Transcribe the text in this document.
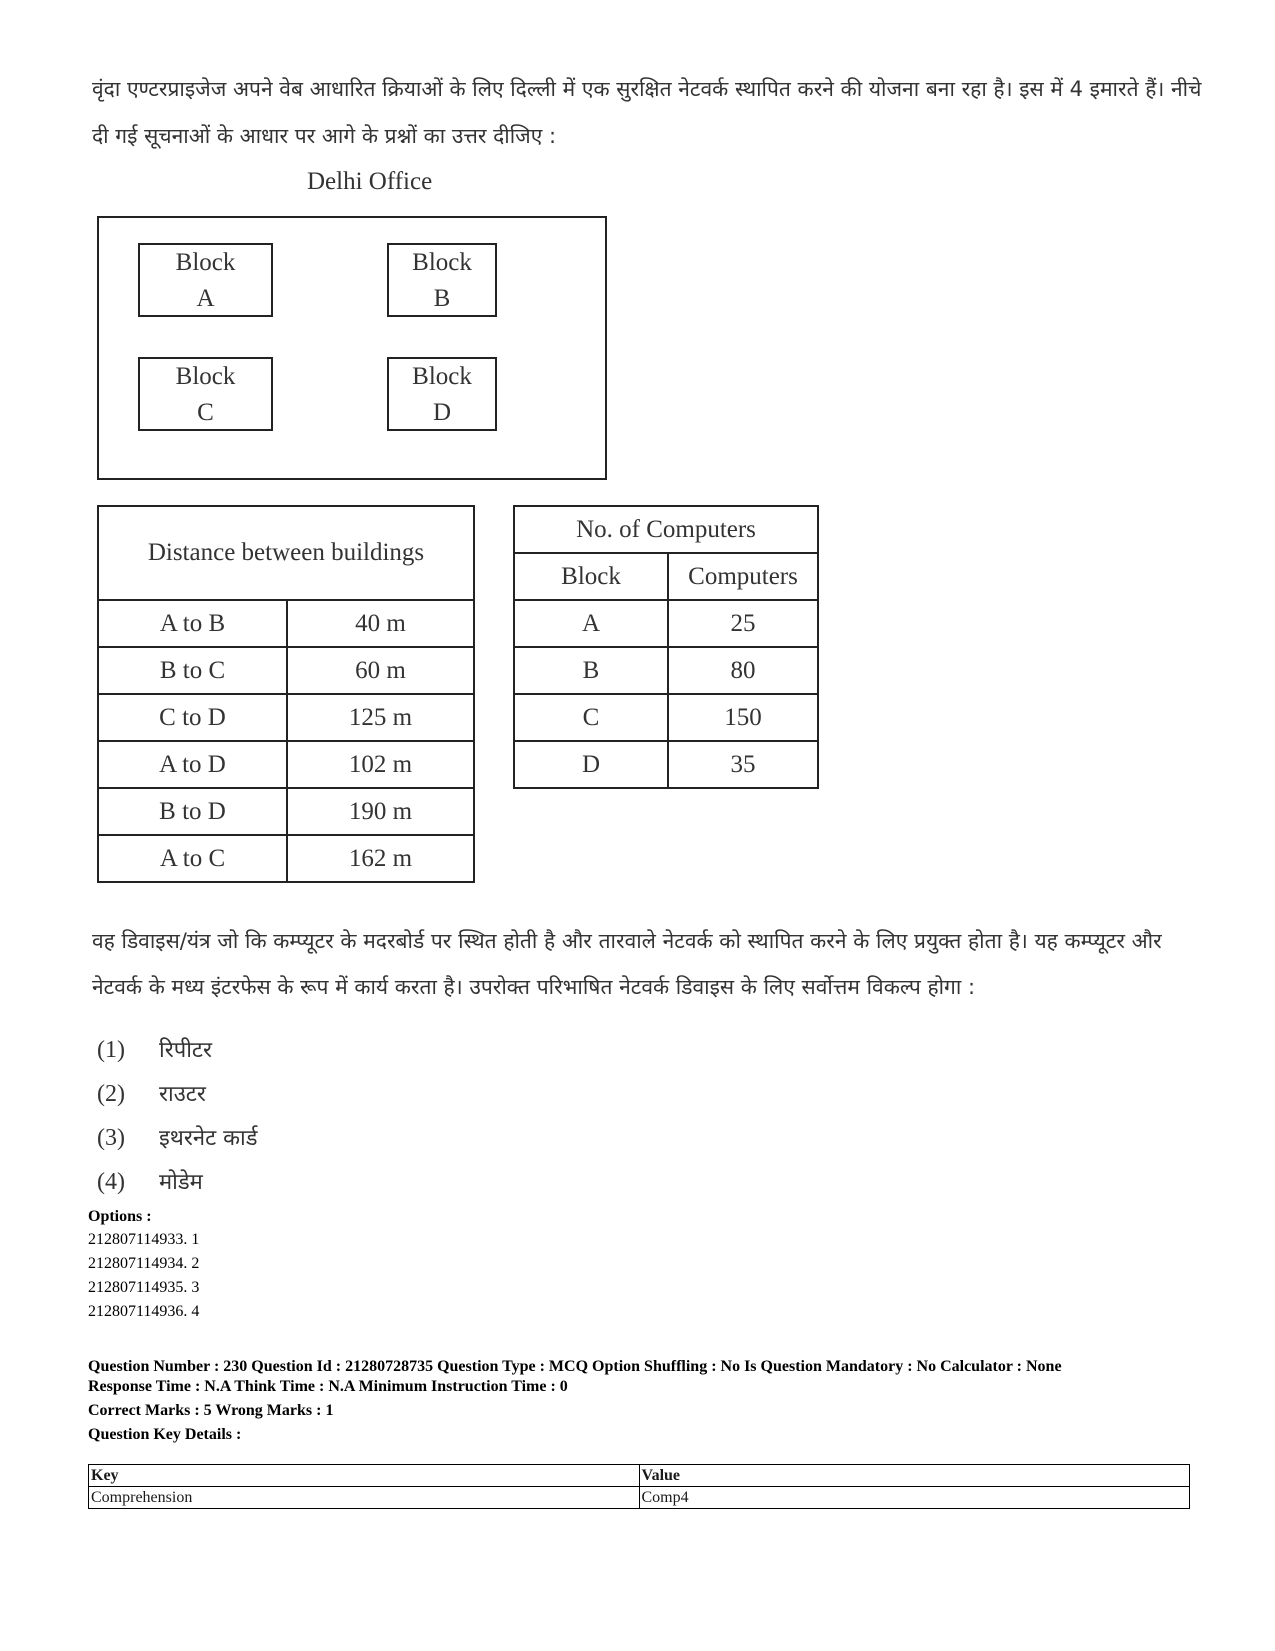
वृंदा एण्टरप्राइजेज अपने वेब आधारित क्रियाओं के लिए दिल्ली में एक सुरक्षित नेटवर्क स्थापित करने की योजना बना रहा है। इस में 4 इमारते हैं। नीचे दी गई सूचनाओं के आधार पर आगे के प्रश्नों का उत्तर दीजिए :
Delhi Office
Block
A
Block
B
Block
C
Block
D
Distance between buildings	
A to B	40 m
B to C	60 m
C to D	125 m
A to D	102 m
B to D	190 m
A to C	162 m
No. of Computers	
Block	Computers
A	25
B	80
C	150
D	35
वह डिवाइस/यंत्र जो कि कम्प्यूटर के मदरबोर्ड पर स्थित होती है और तारवाले नेटवर्क को स्थापित करने के लिए प्रयुक्त होता है। यह कम्प्यूटर और नेटवर्क के मध्य इंटरफेस के रूप में कार्य करता है। उपरोक्त परिभाषित नेटवर्क डिवाइस के लिए सर्वोत्तम विकल्प होगा :
(1) रिपीटर
(2) राउटर
(3) इथरनेट कार्ड
(4) मोडेम
Options :
212807114933. 1
212807114934. 2
212807114935. 3
212807114936. 4
Question Number : 230 Question Id : 21280728735 Question Type : MCQ Option Shuffling : No Is Question Mandatory : No Calculator : None
Response Time : N.A Think Time : N.A Minimum Instruction Time : 0
Correct Marks : 5 Wrong Marks : 1
Question Key Details :
Key	Value
Comprehension	Comp4
